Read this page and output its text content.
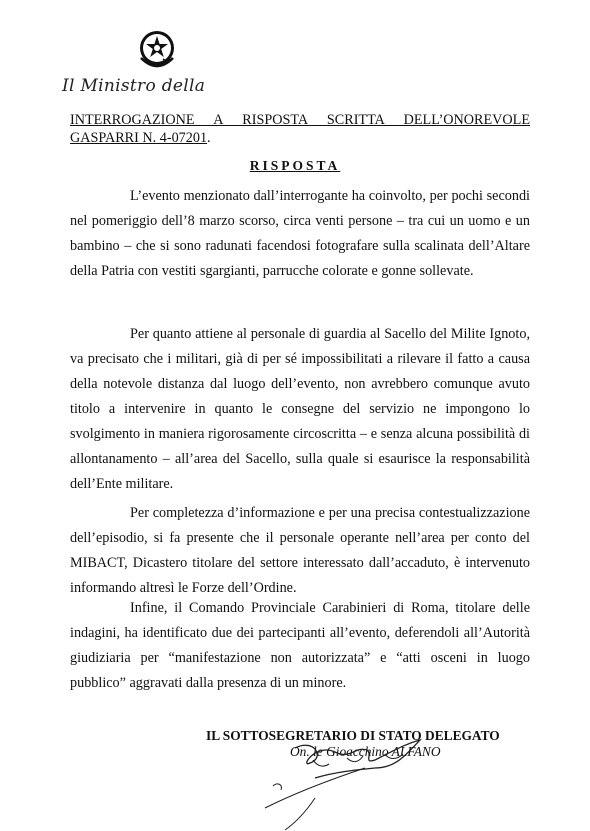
Il Ministro della

INTERROGAZIONE A RISPOSTA SCRITTA DELL’ONOREVOLE
GASPARRI N. 4-07201.

RISPOSTA

L’evento menzionato dall’interrogante ha coinvolto, per pochi secondi nel pomeriggio dell’8 marzo scorso, circa venti persone – tra cui un uomo e un bambino – che si sono radunati facendosi fotografare sulla scalinata dell’Altare della Patria con vestiti sgargianti, parrucche colorate e gonne sollevate.

Per quanto attiene al personale di guardia al Sacello del Milite Ignoto, va precisato che i militari, già di per sé impossibilitati a rilevare il fatto a causa della notevole distanza dal luogo dell’evento, non avrebbero comunque avuto titolo a intervenire in quanto le consegne del servizio ne impongono lo svolgimento in maniera rigorosamente circoscritta – e senza alcuna possibilità di allontanamento – all’area del Sacello, sulla quale si esaurisce la responsabilità dell’Ente militare.

Per completezza d’informazione e per una precisa contestualizzazione dell’episodio, si fa presente che il personale operante nell’area per conto del MIBACT, Dicastero titolare del settore interessato dall’accaduto, è intervenuto informando altresì le Forze dell’Ordine.

Infine, il Comando Provinciale Carabinieri di Roma, titolare delle indagini, ha identificato due dei partecipanti all’evento, deferendoli all’Autorità giudiziaria per “manifestazione non autorizzata” e “atti osceni in luogo pubblico” aggravati dalla presenza di un minore.

IL SOTTOSEGRETARIO DI STATO DELEGATO
On. le Gioacchino ALFANO
